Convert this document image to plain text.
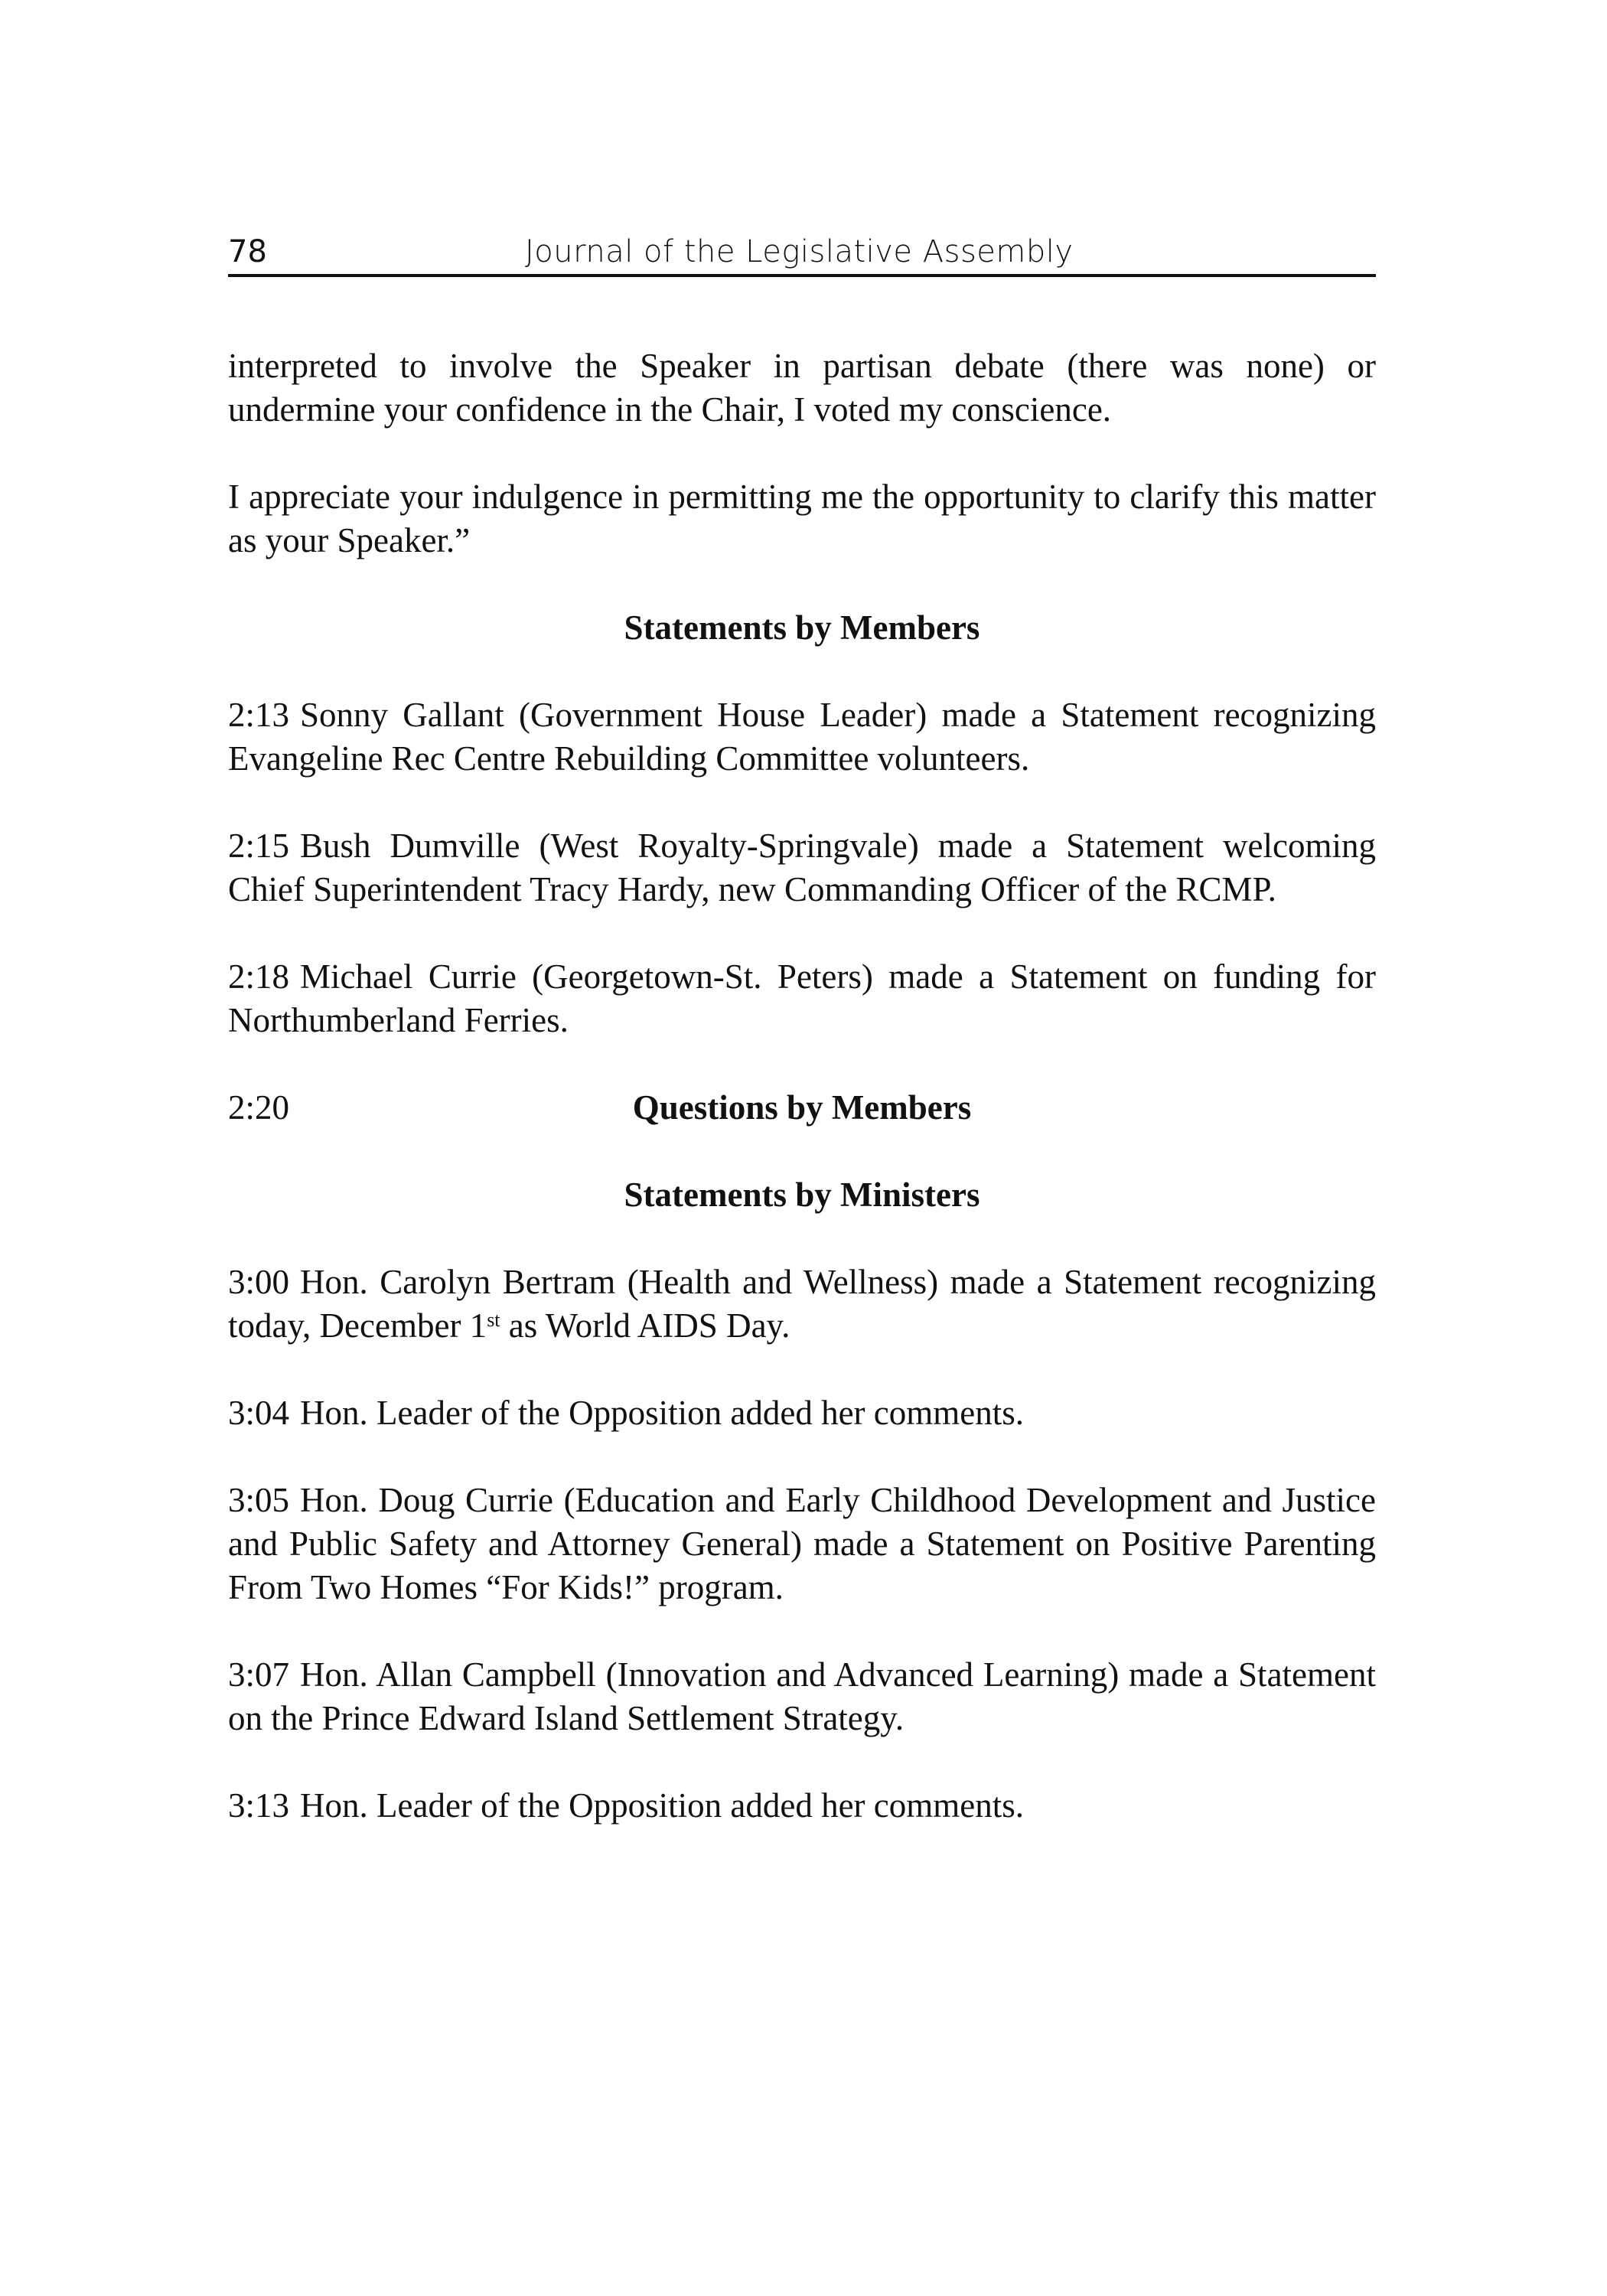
78	Journal of the Legislative Assembly

interpreted to involve the Speaker in partisan debate (there was none) or undermine your confidence in the Chair, I voted my conscience.

I appreciate your indulgence in permitting me the opportunity to clarify this matter as your Speaker.”

Statements by Members

2:13 Sonny Gallant (Government House Leader) made a Statement recognizing Evangeline Rec Centre Rebuilding Committee volunteers.

2:15 Bush Dumville (West Royalty-Springvale) made a Statement welcoming Chief Superintendent Tracy Hardy, new Commanding Officer of the RCMP.

2:18 Michael Currie (Georgetown-St. Peters) made a Statement on funding for Northumberland Ferries.

2:20	Questions by Members
Statements by Ministers

3:00 Hon. Carolyn Bertram (Health and Wellness) made a Statement recognizing today, December 1st as World AIDS Day.

3:04 Hon. Leader of the Opposition added her comments.

3:05 Hon. Doug Currie (Education and Early Childhood Development and Justice and Public Safety and Attorney General) made a Statement on Positive Parenting From Two Homes “For Kids!” program.

3:07 Hon. Allan Campbell (Innovation and Advanced Learning) made a Statement on the Prince Edward Island Settlement Strategy.

3:13 Hon. Leader of the Opposition added her comments.
